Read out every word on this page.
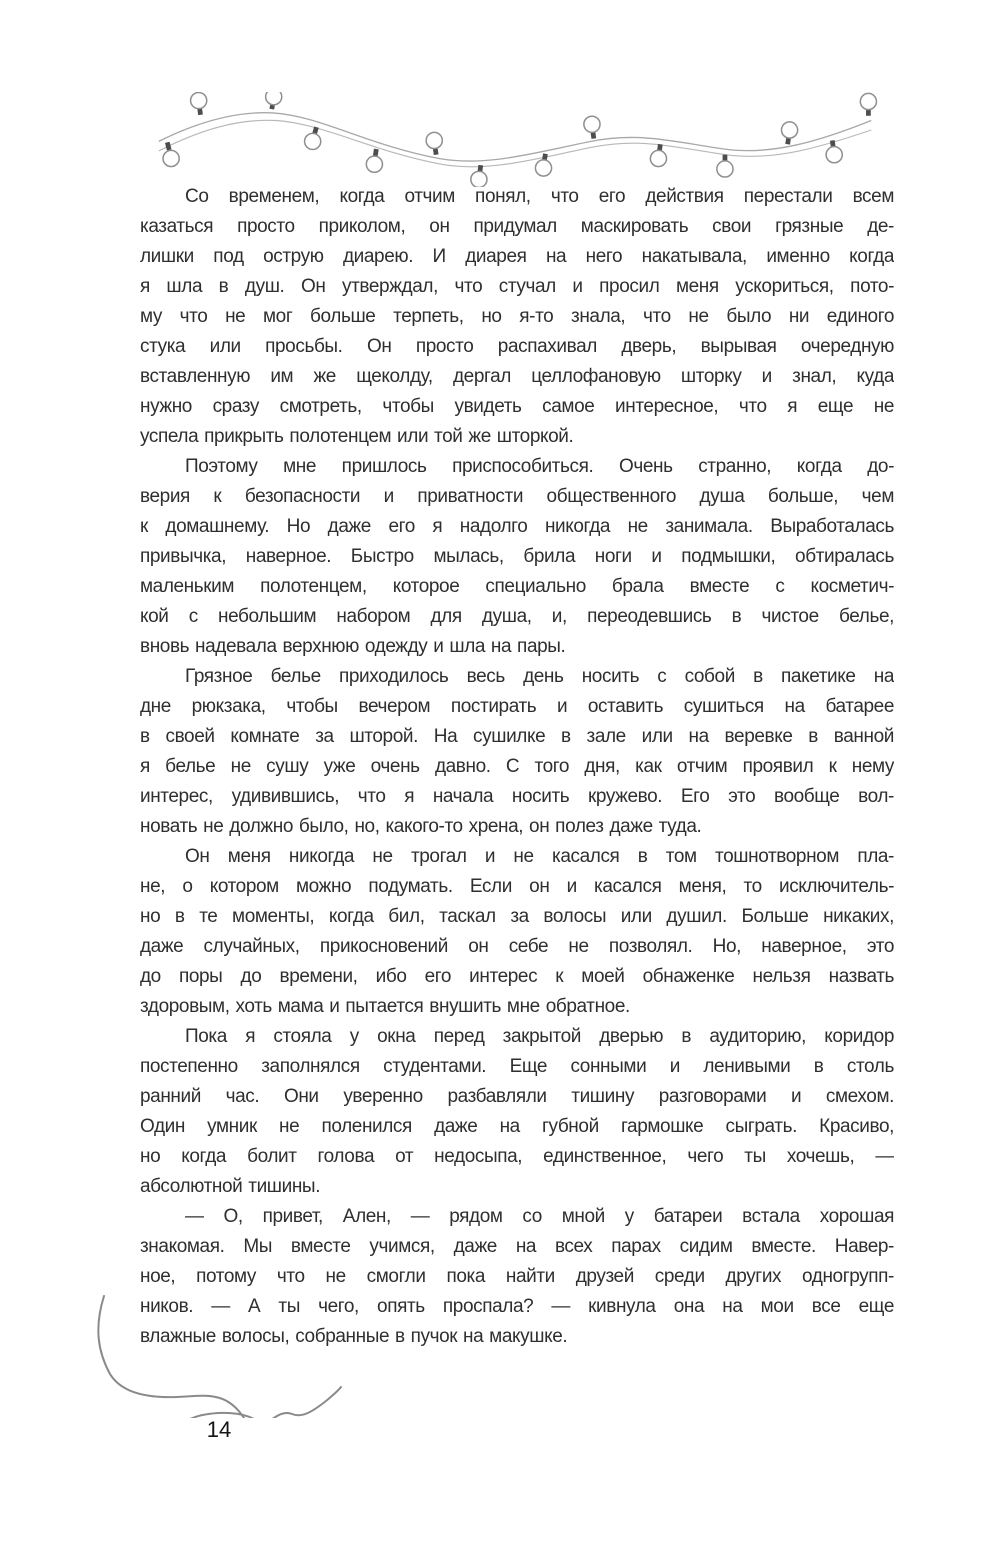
Со временем, когда отчим понял, что его действия перестали всем
казаться просто приколом, он придумал маскировать свои грязные де-
лишки под острую диарею. И диарея на него накатывала, именно когда
я шла в душ. Он утверждал, что стучал и просил меня ускориться, пото-
му что не мог больше терпеть, но я-то знала, что не было ни единого
стука или просьбы. Он просто распахивал дверь, вырывая очередную
вставленную им же щеколду, дергал целлофановую шторку и знал, куда
нужно сразу смотреть, чтобы увидеть самое интересное, что я еще не
успела прикрыть полотенцем или той же шторкой.

Поэтому мне пришлось приспособиться. Очень странно, когда до-
верия к безопасности и приватности общественного душа больше, чем
к домашнему. Но даже его я надолго никогда не занимала. Выработалась
привычка, наверное. Быстро мылась, брила ноги и подмышки, обтиралась
маленьким полотенцем, которое специально брала вместе с косметич-
кой с небольшим набором для душа, и, переодевшись в чистое белье,
вновь надевала верхнюю одежду и шла на пары.

Грязное белье приходилось весь день носить с собой в пакетике на
дне рюкзака, чтобы вечером постирать и оставить сушиться на батарее
в своей комнате за шторой. На сушилке в зале или на веревке в ванной
я белье не сушу уже очень давно. С того дня, как отчим проявил к нему
интерес, удивившись, что я начала носить кружево. Его это вообще вол-
новать не должно было, но, какого-то хрена, он полез даже туда.

Он меня никогда не трогал и не касался в том тошнотворном пла-
не, о котором можно подумать. Если он и касался меня, то исключитель-
но в те моменты, когда бил, таскал за волосы или душил. Больше никаких,
даже случайных, прикосновений он себе не позволял. Но, наверное, это
до поры до времени, ибо его интерес к моей обнаженке нельзя назвать
здоровым, хоть мама и пытается внушить мне обратное.

Пока я стояла у окна перед закрытой дверью в аудиторию, коридор
постепенно заполнялся студентами. Еще сонными и ленивыми в столь
ранний час. Они уверенно разбавляли тишину разговорами и смехом.
Один умник не поленился даже на губной гармошке сыграть. Красиво,
но когда болит голова от недосыпа, единственное, чего ты хочешь, —
абсолютной тишины.

— О, привет, Ален, — рядом со мной у батареи встала хорошая
знакомая. Мы вместе учимся, даже на всех парах сидим вместе. Навер-
ное, потому что не смогли пока найти друзей среди других одногрупп-
ников. — А ты чего, опять проспала? — кивнула она на мои все еще
влажные волосы, собранные в пучок на макушке.

14
